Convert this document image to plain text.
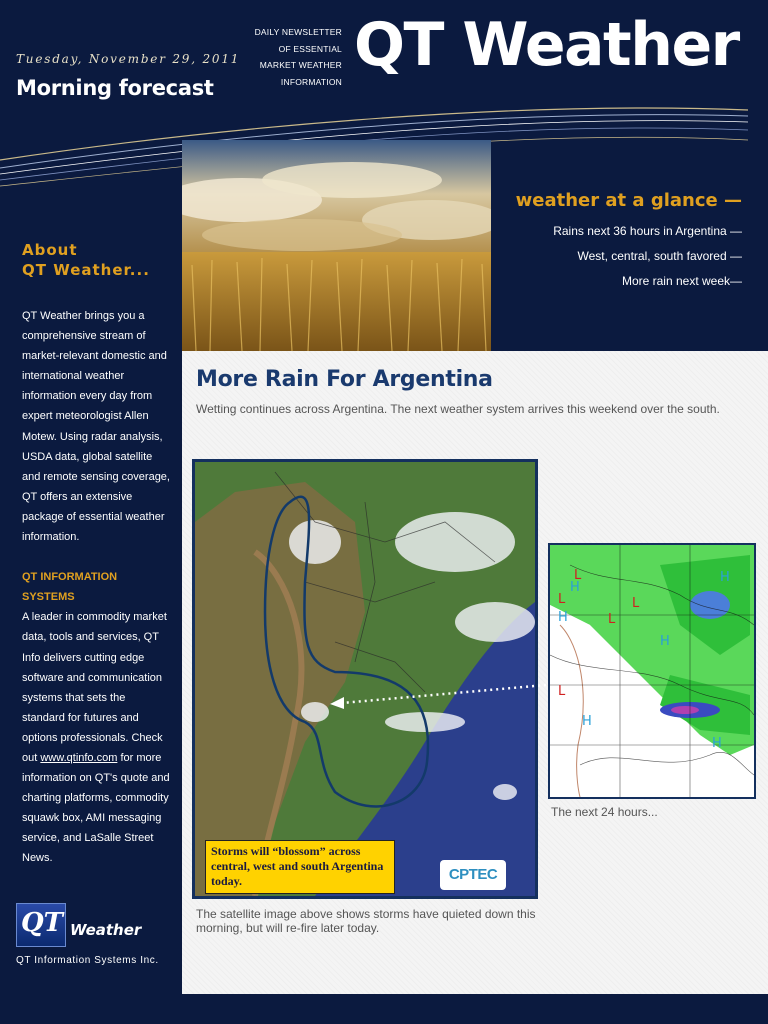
Tuesday, November 29, 2011
Morning forecast
DAILY NEWSLETTER
OF ESSENTIAL
MARKET WEATHER
INFORMATION
QT Weather
weather at a glance —
Rains next 36 hours in Argentina —
West, central, south favored —
More rain next week—
About
QT Weather...
QT Weather brings you a comprehensive stream of market-relevant domestic and international weather information every day from expert meteorologist Allen Motew. Using radar analysis, USDA data, global satellite and remote sensing coverage, QT offers an extensive package of essential weather information.
QT INFORMATION
SYSTEMS
A leader in commodity market data, tools and services, QT Info delivers cutting edge software and communication systems that sets the standard for futures and options professionals. Check out www.qtinfo.com for more information on QT's quote and charting platforms, commodity squawk box, AMI messaging service, and LaSalle Street News.
QT Weather
QT Information Systems Inc.
More Rain For Argentina
Wetting continues across Argentina. The next weather system arrives this weekend over the south.
Storms will “blossom” across central, west and south Argentina today.	CPTEC
The satellite image above shows storms have quieted down this morning, but will re-fire later today.
L
L	L
L
L
H
H
H
H
H
H
The next 24 hours...
